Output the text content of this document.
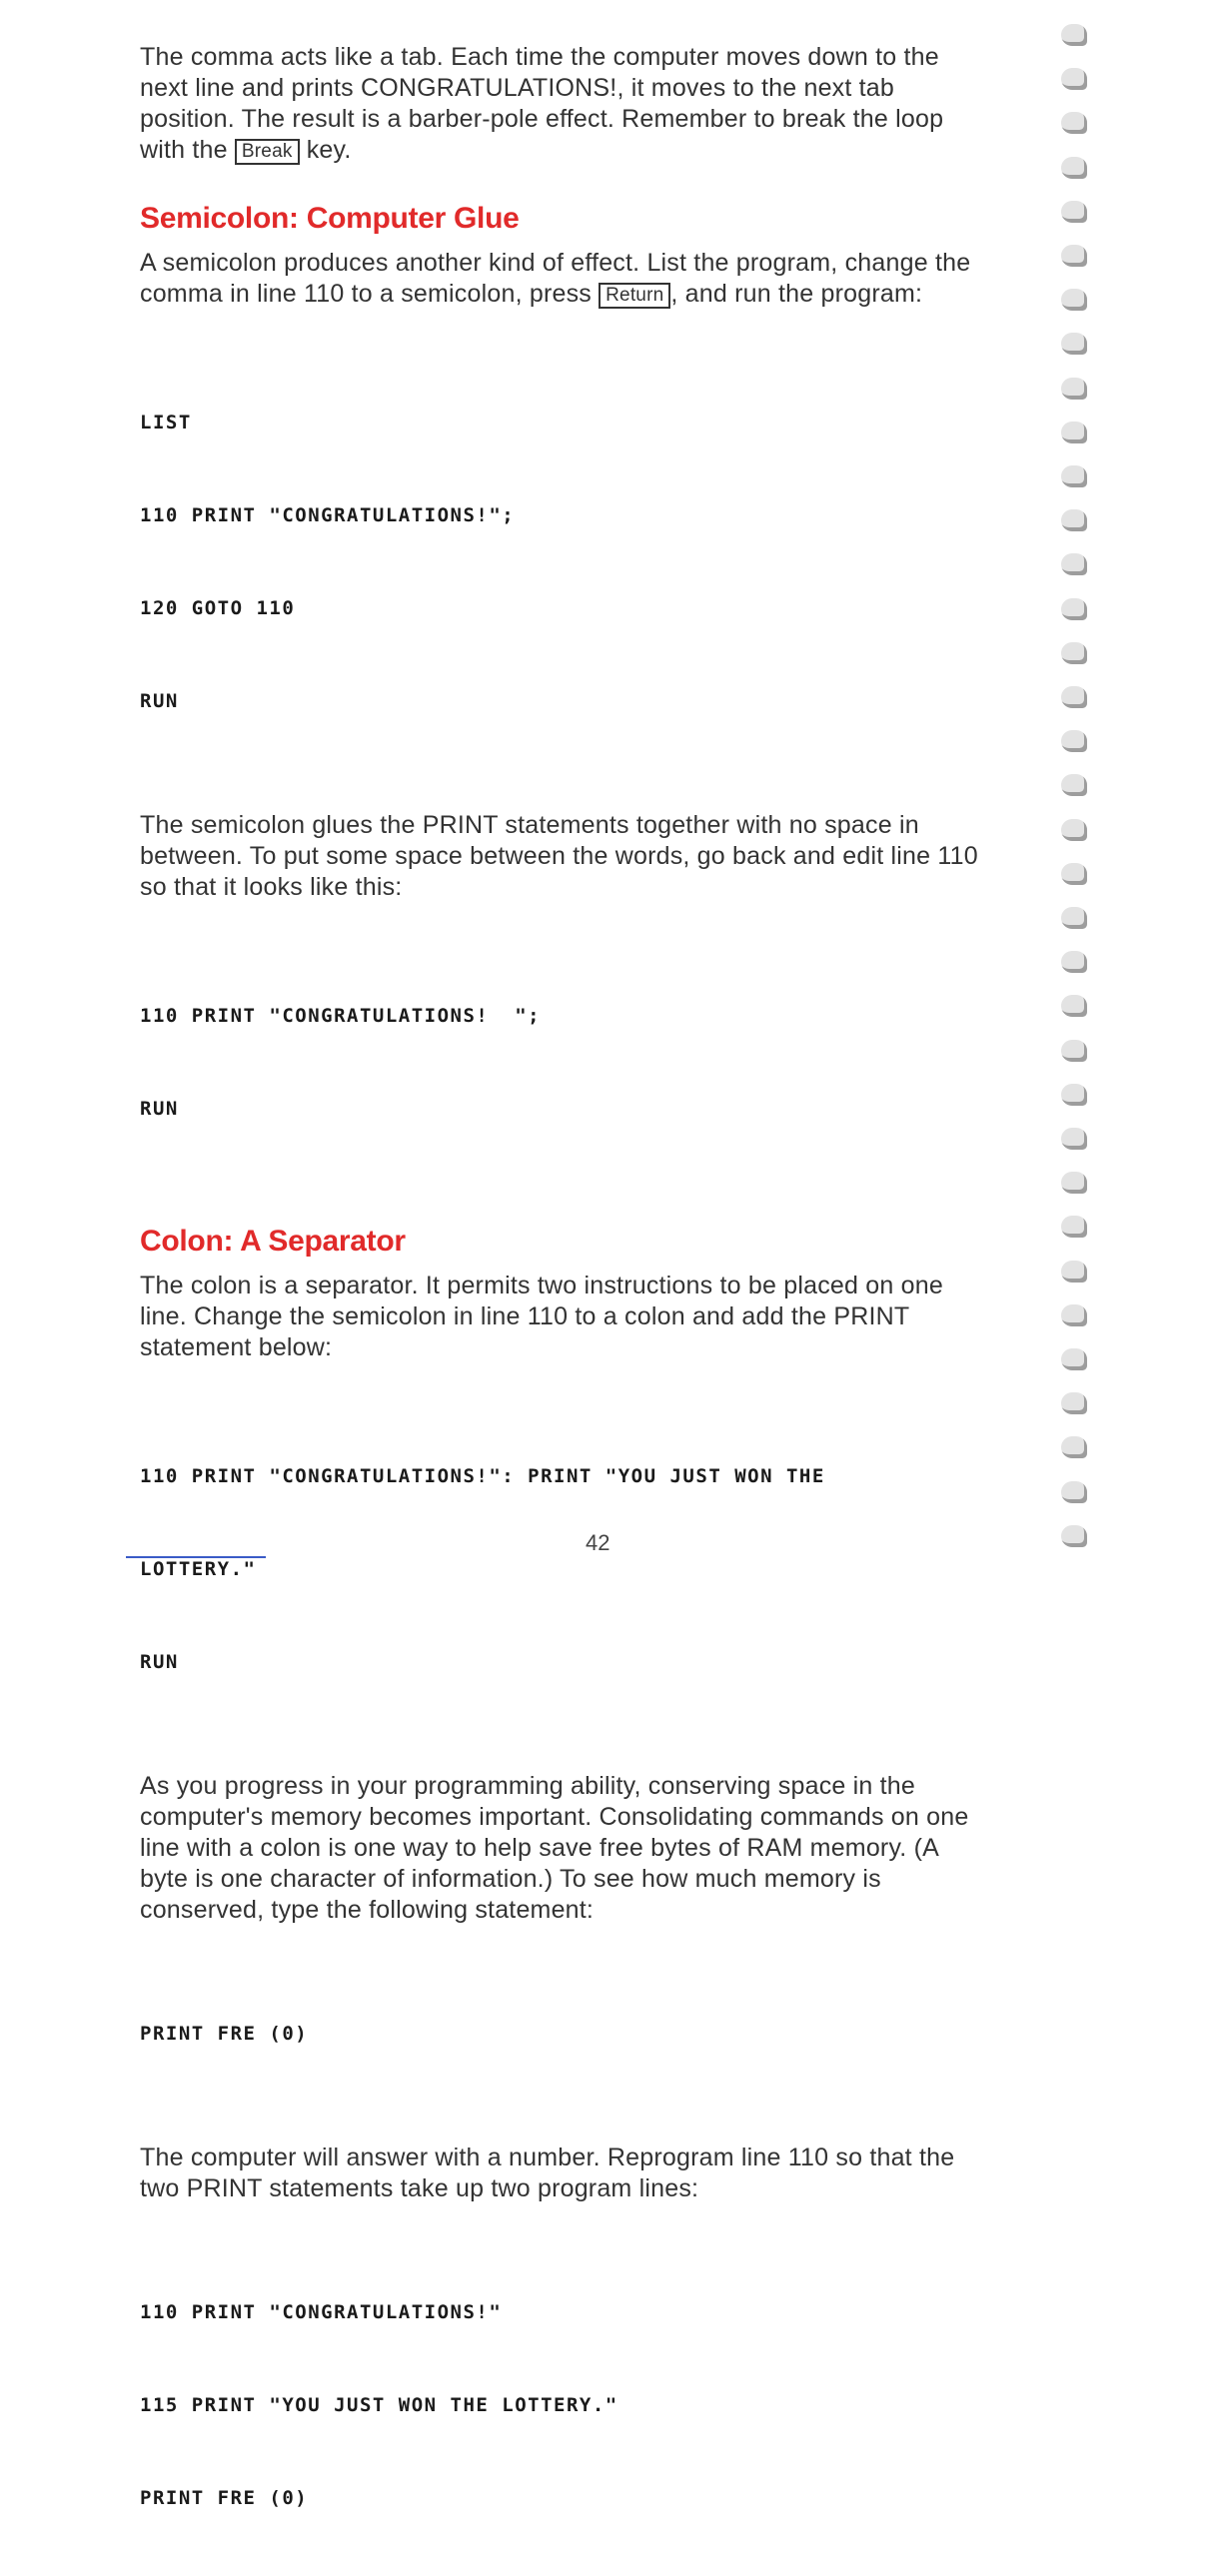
The comma acts like a tab. Each time the computer moves down to the next line and prints CONGRATULATIONS!, it moves to the next tab position. The result is a barber-pole effect. Remember to break the loop with the Break key.

Semicolon: Computer Glue

A semicolon produces another kind of effect. List the program, change the comma in line 110 to a semicolon, press Return , and run the program:

LIST

110 PRINT "CONGRATULATIONS!";

120 GOTO 110

RUN

The semicolon glues the PRINT statements together with no space in between. To put some space between the words, go back and edit line 110 so that it looks like this:

110 PRINT "CONGRATULATIONS!  ";

RUN

Colon: A Separator

The colon is a separator. It permits two instructions to be placed on one line. Change the semicolon in line 110 to a colon and add the PRINT statement below:

110 PRINT "CONGRATULATIONS!": PRINT "YOU JUST WON THE

LOTTERY."

RUN

As you progress in your programming ability, conserving space in the computer's memory becomes important. Consolidating commands on one line with a colon is one way to help save free bytes of RAM memory. (A byte is one character of information.) To see how much memory is conserved, type the following statement:

PRINT FRE (0)

The computer will answer with a number. Reprogram line 110 so that the two PRINT statements take up two program lines:

110 PRINT "CONGRATULATIONS!"

115 PRINT "YOU JUST WON THE LOTTERY."

PRINT FRE (0)

42
